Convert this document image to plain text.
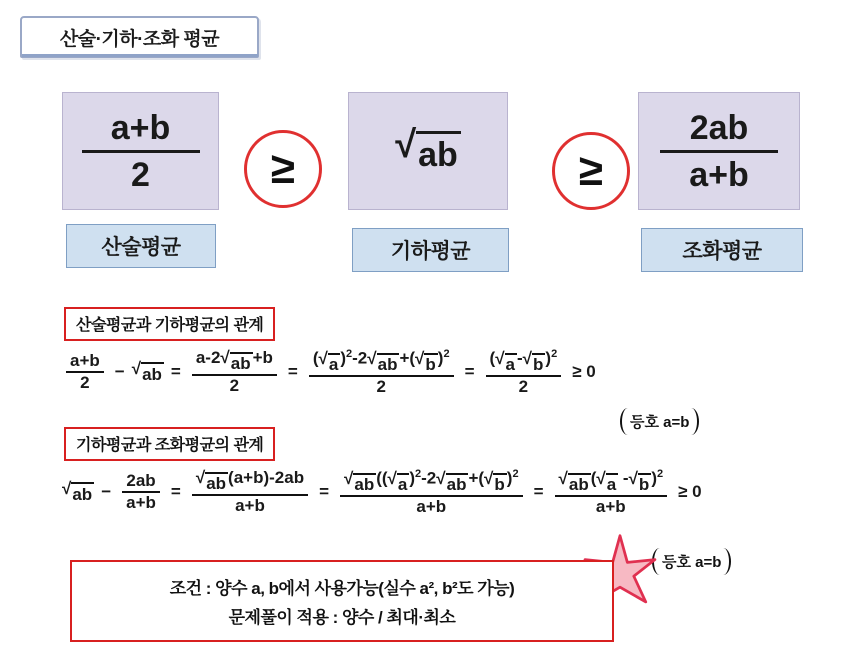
산술·기하·조화 평균
$\frac{a+b}{2}$ ≥	√ ab	≥ $\frac{2ab}{a+b}$
산술평균	기하평균	조화평균
산술평균과 기하평균의 관계
a+b
2
− √ ab =
a-2 √ ab +b
2
=
( √ a )$^2$-2 √ ab +( √ b )$^2$
2
=
( √ a - √ b )$^2$
2
≥ 0
등호 a=b
기하평균과 조화평균의 관계
√ ab −
2ab
a+b
=
√ ab (a+b)-2ab
a+b
=
√ ab (( √ a )$^2$-2 √ ab +( √ b )$^2$
a+b
=
√ ab ( √ a - √ b )$^2$
a+b
≥ 0
등호 a=b
조건 : 양수 a, b에서 사용가능(실수 a², b²도 가능)
문제풀이 적용 : 양수 / 최대·최소
